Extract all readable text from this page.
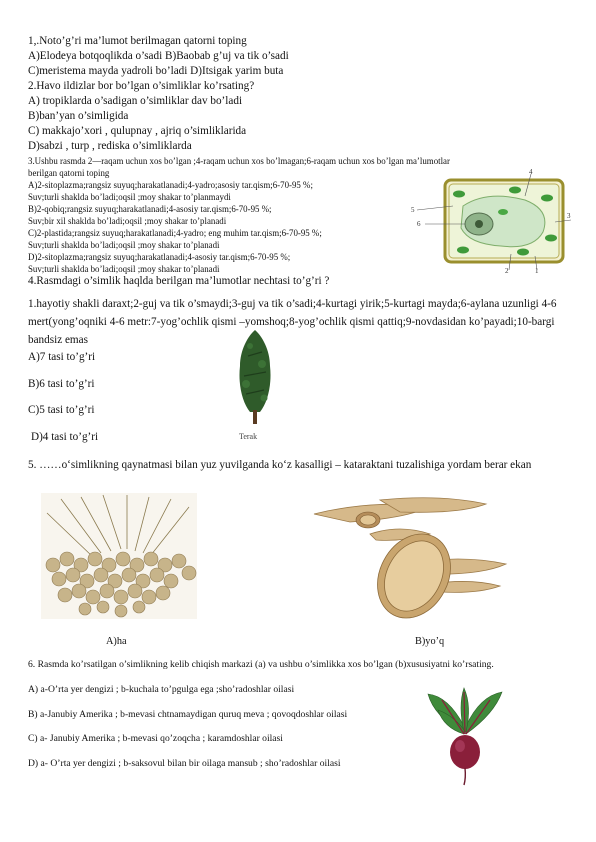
1,.Noto’g’ri ma’lumot berilmagan qatorni toping
A)Elodeya botqoqlikda o’sadi B)Baobab g’uj va tik o’sadi
C)meristema mayda yadroli bo’ladi D)Itsigak yarim buta
2.Havo ildizlar bor bo’lgan o’simliklar ko’rsating?
A) tropiklarda o’sadigan o’simliklar dav bo’ladi
B)ban’yan o’simligida
C) makkajo’xori , qulupnay , ajriq o’simliklarida
D)sabzi , turp , rediska o’simliklarda
3.Ushbu rasmda 2—raqam uchun xos bo’lgan ;4-raqam uchun xos bo’lmagan;6-raqam uchun xos bo’lgan ma’lumotlar
berilgan qatorni toping
A)2-sitoplazma;rangsiz suyuq;harakatlanadi;4-yadro;asosiy tar.qism;6-70-95 %;
Suv;turli shaklda bo’ladi;oqsil ;moy shakar to’planmaydi
B)2-qobiq;rangsiz suyuq;harakatlanadi;4-asosiy tar.qism;6-70-95 %;
Suv;bir xil shaklda bo’ladi;oqsil ;moy shakar to’planadi
C)2-plastida;rangsiz suyuq;harakatlanadi;4-yadro; eng muhim tar.qism;6-70-95 %;
Suv;turli shaklda bo’ladi;oqsil ;moy shakar to’planadi
D)2-sitoplazma;rangsiz suyuq;harakatlanadi;4-asosiy tar.qism;6-70-95 %;
Suv;turli shaklda bo’ladi;oqsil ;moy shakar to’planadi
4
5
6
3
2	1
4.Rasmdagi o’simlik haqlda berilgan ma’lumotlar nechtasi to’g’ri ?
1.hayotiy shakli daraxt;2-guj va tik o’smaydi;3-guj va tik o’sadi;4-kurtagi yirik;5-kurtagi mayda;6-aylana uzunligi 4-6 mert(yong’oqniki 4-6 metr:7-yog’ochlik qismi –yomshoq;8-yog’ochlik qismi qattiq;9-novdasidan ko’payadi;10-bargi bandsiz emas
A)7 tasi to’g’ri
B)6 tasi to’g’ri
C)5 tasi to’g’ri
D)4 tasi to’g’ri	Terak
5. ……o‘simlikning qaynatmasi bilan yuz yuvilganda ko‘z kasalligi – kataraktani tuzalishiga yordam berar ekan
A)ha	B)yo’q
6. Rasmda ko’rsatilgan o’simlikning kelib chiqish markazi (a) va ushbu o’simlikka xos bo’lgan (b)xususiyatni ko’rsating.
A) a-O’rta yer dengizi ; b-kuchala to’pgulga ega ;sho’radoshlar oilasi
B) a-Janubiy Amerika ; b-mevasi chtnamaydigan quruq meva ; qovoqdoshlar oilasi
C) a- Janubiy Amerika ; b-mevasi qo’zoqcha ; karamdoshlar oilasi
D) a- O’rta yer dengizi ; b-saksovul bilan bir oilaga mansub ; sho’radoshlar oilasi
